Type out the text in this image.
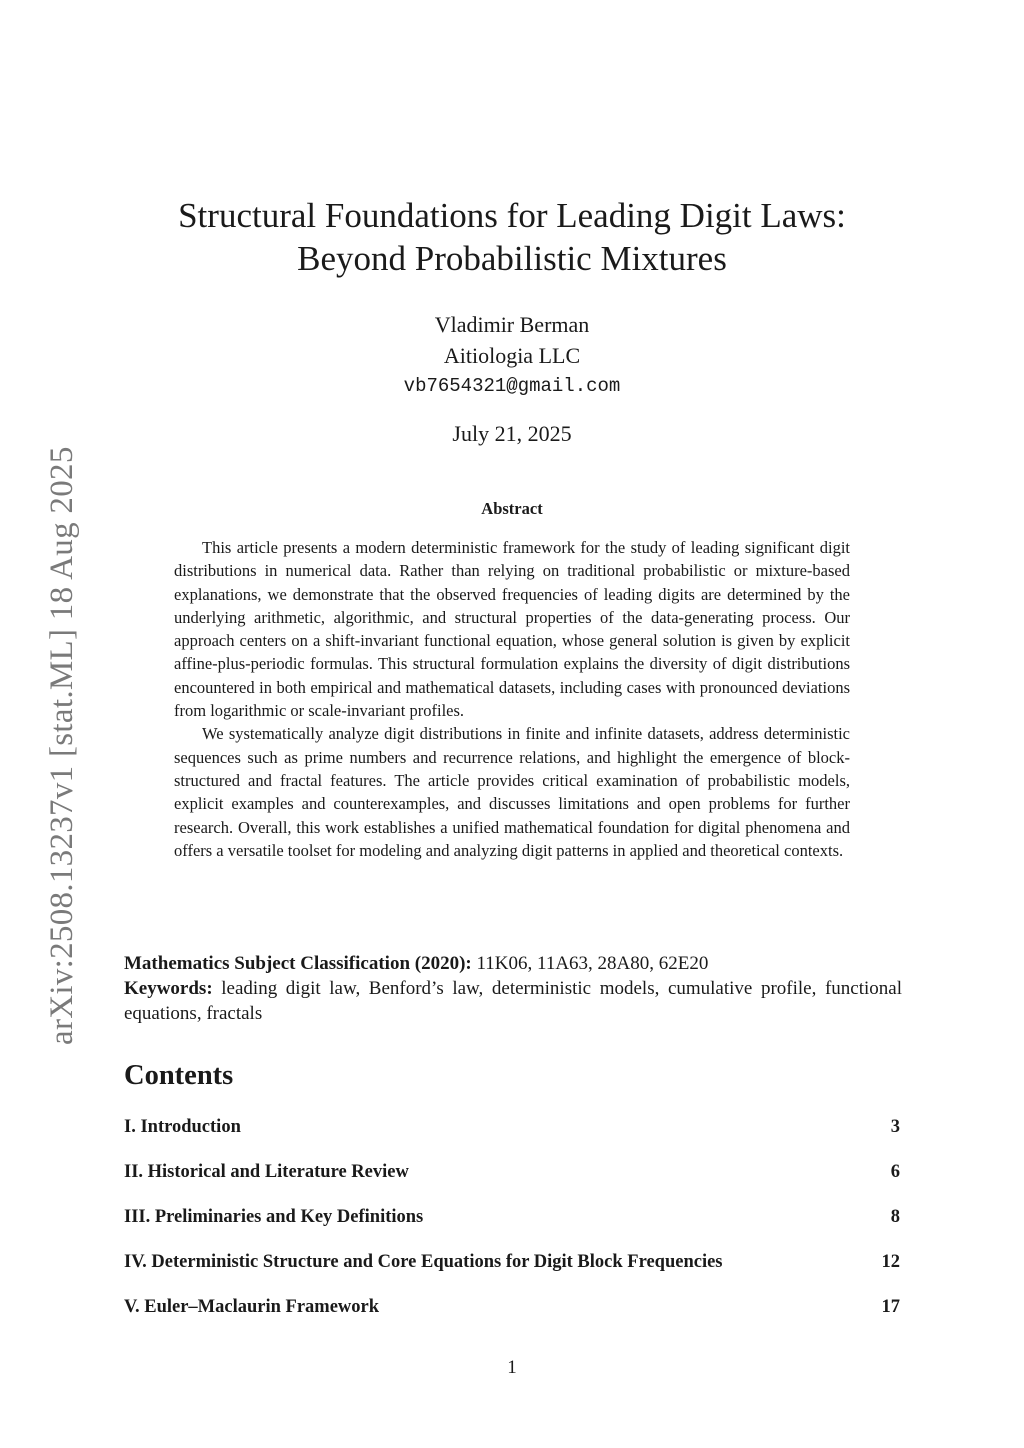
arXiv:2508.13237v1 [stat.ML] 18 Aug 2025
Structural Foundations for Leading Digit Laws:
Beyond Probabilistic Mixtures
Vladimir Berman
Aitiologia LLC
vb7654321@gmail.com
July 21, 2025
Abstract

This article presents a modern deterministic framework for the study of leading significant digit distributions in numerical data. Rather than relying on traditional probabilistic or mixture-based explanations, we demonstrate that the observed frequencies of leading digits are determined by the underlying arithmetic, algorithmic, and structural properties of the data-generating process. Our approach centers on a shift-invariant functional equation, whose general solution is given by explicit affine-plus-periodic formulas. This structural formulation explains the diversity of digit distributions encountered in both empirical and mathematical datasets, including cases with pronounced deviations from logarithmic or scale-invariant profiles.

We systematically analyze digit distributions in finite and infinite datasets, address deterministic sequences such as prime numbers and recurrence relations, and highlight the emergence of block-structured and fractal features. The article provides critical examination of probabilistic models, explicit examples and counterexamples, and discusses limitations and open problems for further research. Overall, this work establishes a unified mathematical foundation for digital phenomena and offers a versatile toolset for modeling and analyzing digit patterns in applied and theoretical contexts.

Mathematics Subject Classification (2020): 11K06, 11A63, 28A80, 62E20

Keywords: leading digit law, Benford’s law, deterministic models, cumulative profile, functional equations, fractals

Contents
I. Introduction	3
II. Historical and Literature Review	6
III. Preliminaries and Key Definitions	8
IV. Deterministic Structure and Core Equations for Digit Block Frequencies	12
V. Euler–Maclaurin Framework	17
1
